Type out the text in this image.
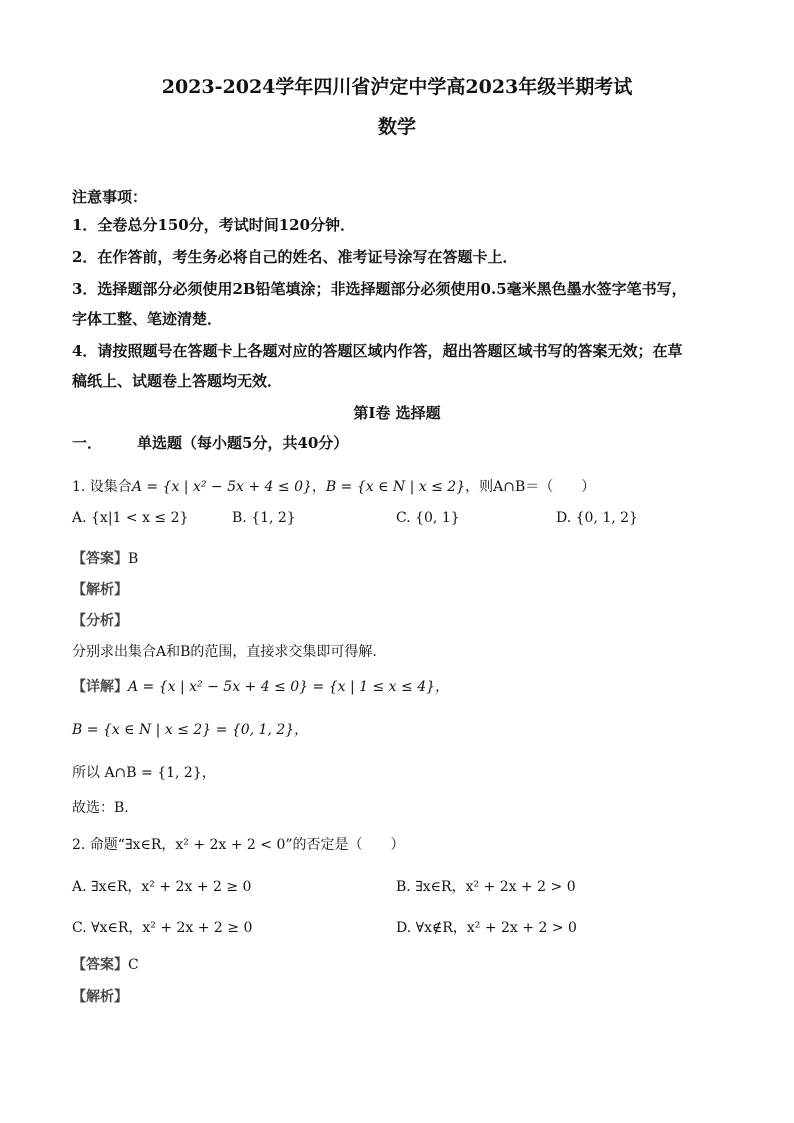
2023-2024学年四川省泸定中学高2023年级半期考试
数学
注意事项：
1．全卷总分150分，考试时间120分钟．
2．在作答前，考生务必将自己的姓名、准考证号涂写在答题卡上．
3．选择题部分必须使用2B铅笔填涂；非选择题部分必须使用0.5毫米黑色墨水签字笔书写，
字体工整、笔迹清楚．
4．请按照题号在答题卡上各题对应的答题区域内作答，超出答题区域书写的答案无效；在草
稿纸上、试题卷上答题均无效．
第Ⅰ卷 选择题
一． 单选题（每小题5分，共40分）
1. 设集合A = {x | x² − 5x + 4 ≤ 0}，B = {x ∈ N | x ≤ 2}，则A∩B＝（　　）
A. {x|1 < x ≤ 2}	B. {1, 2}	C. {0, 1}	D. {0, 1, 2}
【答案】B
【解析】
【分析】
分别求出集合A和B的范围，直接求交集即可得解.
【详解】A = {x | x² − 5x + 4 ≤ 0} = {x | 1 ≤ x ≤ 4}，
B = {x ∈ N | x ≤ 2} = {0, 1, 2}，
所以 A∩B = {1, 2}，
故选：B.
2. 命题“∃x∈R，x² + 2x + 2 < 0”的否定是（　　）
A. ∃x∈R，x² + 2x + 2 ≥ 0	B. ∃x∈R，x² + 2x + 2 > 0
C. ∀x∈R，x² + 2x + 2 ≥ 0	D. ∀x∉R，x² + 2x + 2 > 0
【答案】C
【解析】
